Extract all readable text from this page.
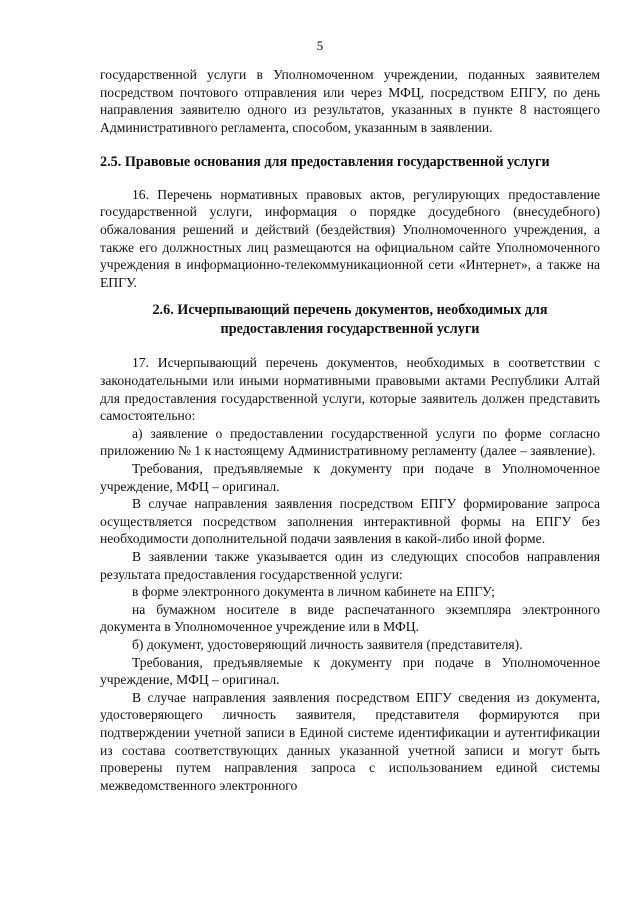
5

государственной услуги в Уполномоченном учреждении, поданных заявителем посредством почтового отправления или через МФЦ, посредством ЕПГУ, по день направления заявителю одного из результатов, указанных в пункте 8 настоящего Административного регламента, способом, указанным в заявлении.

2.5. Правовые основания для предоставления государственной услуги

16. Перечень нормативных правовых актов, регулирующих предоставление государственной услуги, информация о порядке досудебного (внесудебного) обжалования решений и действий (бездействия) Уполномоченного учреждения, а также его должностных лиц размещаются на официальном сайте Уполномоченного учреждения в информационно-телекоммуникационной сети «Интернет», а также на ЕПГУ.

2.6. Исчерпывающий перечень документов, необходимых для предоставления государственной услуги

17. Исчерпывающий перечень документов, необходимых в соответствии с законодательными или иными нормативными правовыми актами Республики Алтай для предоставления государственной услуги, которые заявитель должен представить самостоятельно:

а) заявление о предоставлении государственной услуги по форме согласно приложению № 1 к настоящему Административному регламенту (далее – заявление).

Требования, предъявляемые к документу при подаче в Уполномоченное учреждение, МФЦ – оригинал.

В случае направления заявления посредством ЕПГУ формирование запроса осуществляется посредством заполнения интерактивной формы на ЕПГУ без необходимости дополнительной подачи заявления в какой-либо иной форме.

В заявлении также указывается один из следующих способов направления результата предоставления государственной услуги:

в форме электронного документа в личном кабинете на ЕПГУ;

на бумажном носителе в виде распечатанного экземпляра электронного документа в Уполномоченное учреждение или в МФЦ.

б) документ, удостоверяющий личность заявителя (представителя).

Требования, предъявляемые к документу при подаче в Уполномоченное учреждение, МФЦ – оригинал.

В случае направления заявления посредством ЕПГУ сведения из документа, удостоверяющего личность заявителя, представителя формируются при подтверждении учетной записи в Единой системе идентификации и аутентификации из состава соответствующих данных указанной учетной записи и могут быть проверены путем направления запроса с использованием единой системы межведомственного электронного
